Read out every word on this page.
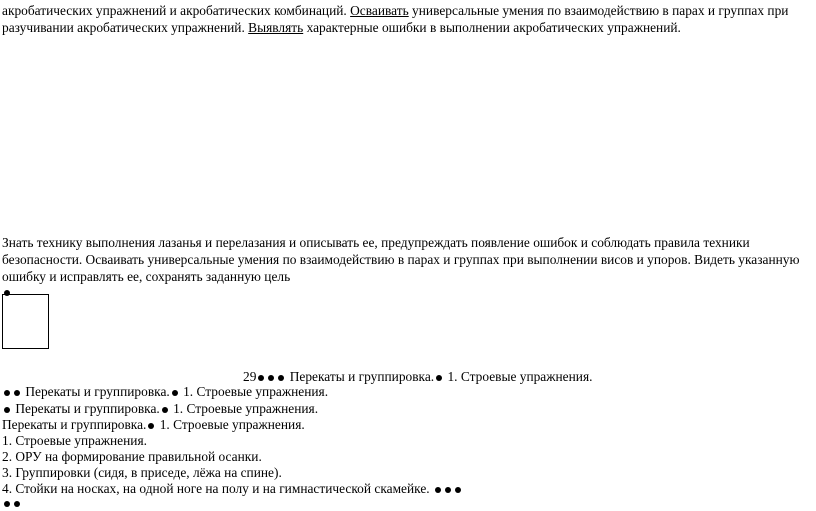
акробатических упражнений и акробатических комбинаций. Осваивать универсальные умения по взаимодействию в парах и группах при

разучивании акробатических упражнений. Выявлять характерные ошибки в выполнении акробатических упражнений.

Знать технику выполнения лазанья и перелазания и описывать ее, предупреждать появление ошибок и соблюдать правила техники

безопасности. Осваивать универсальные умения по взаимодействию в парах и группах при выполнении висов и упоров. Видеть указанную

ошибку и исправлять ее, сохранять заданную цель

29 Перекаты и группировка. 1. Строевые упражнения.

Перекаты и группировка. 1. Строевые упражнения.

Перекаты и группировка. 1. Строевые упражнения.

Перекаты и группировка. 1. Строевые упражнения.

1. Строевые упражнения.

2. ОРУ на формирование правильной осанки.

3. Группировки (сидя, в приседе, лёжа на спине).

4. Стойки на носках, на одной ноге на полу и на гимнастической скамейке.
